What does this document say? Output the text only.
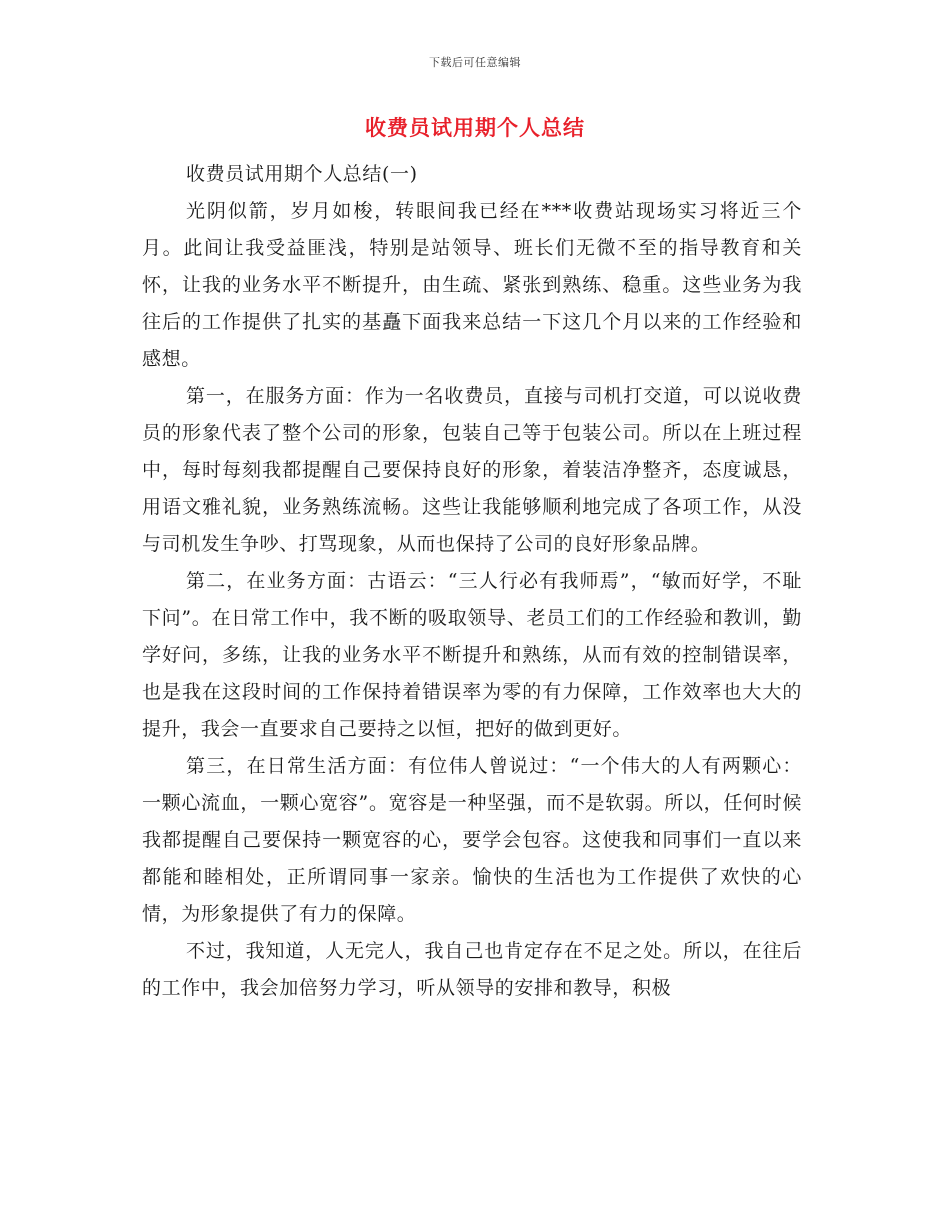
下载后可任意编辑
收费员试用期个人总结

收费员试用期个人总结(一)

光阴似箭，岁月如梭，转眼间我已经在***收费站现场实习将近三个月。此间让我受益匪浅，特别是站领导、班长们无微不至的指导教育和关怀，让我的业务水平不断提升，由生疏、紧张到熟练、稳重。这些业务为我往后的工作提供了扎实的基矗下面我来总结一下这几个月以来的工作经验和感想。

第一，在服务方面：作为一名收费员，直接与司机打交道，可以说收费员的形象代表了整个公司的形象，包装自己等于包装公司。所以在上班过程中，每时每刻我都提醒自己要保持良好的形象，着装洁净整齐，态度诚恳，用语文雅礼貌，业务熟练流畅。这些让我能够顺利地完成了各项工作，从没与司机发生争吵、打骂现象，从而也保持了公司的良好形象品牌。

第二，在业务方面：古语云：“三人行必有我师焉”，“敏而好学，不耻下问”。在日常工作中，我不断的吸取领导、老员工们的工作经验和教训，勤学好问，多练，让我的业务水平不断提升和熟练，从而有效的控制错误率，也是我在这段时间的工作保持着错误率为零的有力保障，工作效率也大大的提升，我会一直要求自己要持之以恒，把好的做到更好。

第三，在日常生活方面：有位伟人曾说过：“一个伟大的人有两颗心：一颗心流血，一颗心宽容”。宽容是一种坚强，而不是软弱。所以，任何时候我都提醒自己要保持一颗宽容的心，要学会包容。这使我和同事们一直以来都能和睦相处，正所谓同事一家亲。愉快的生活也为工作提供了欢快的心情，为形象提供了有力的保障。

不过，我知道，人无完人，我自己也肯定存在不足之处。所以，在往后的工作中，我会加倍努力学习，听从领导的安排和教导，积极
